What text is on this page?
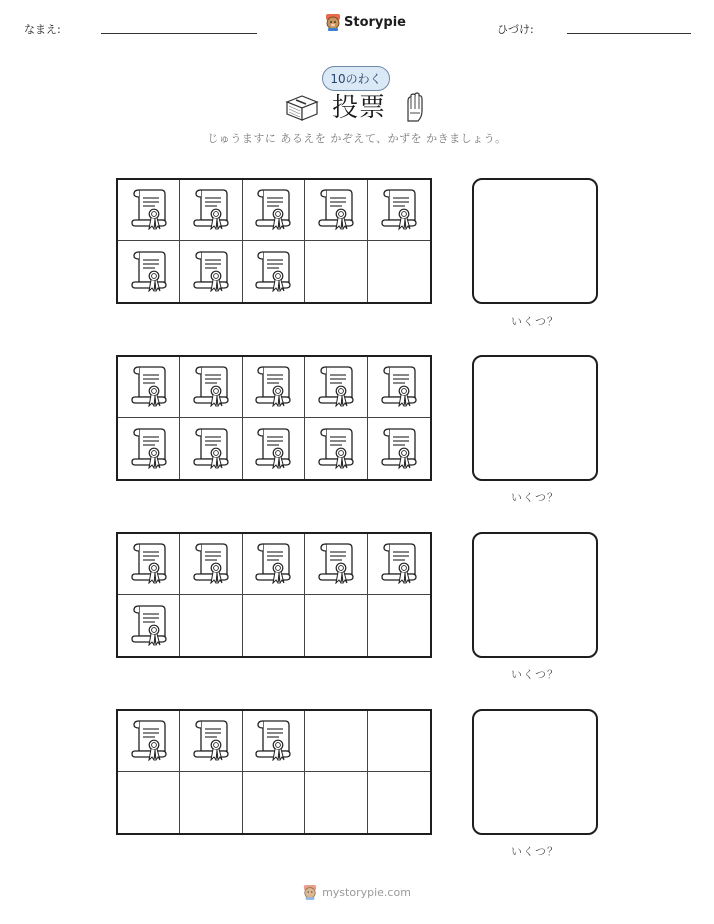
なまえ:	Storypie	ひづけ:
10のわく
投票
じゅうますに あるえを かぞえて、かずを かきましょう。
いくつ？
いくつ？
いくつ？
いくつ？
mystorypie.com
